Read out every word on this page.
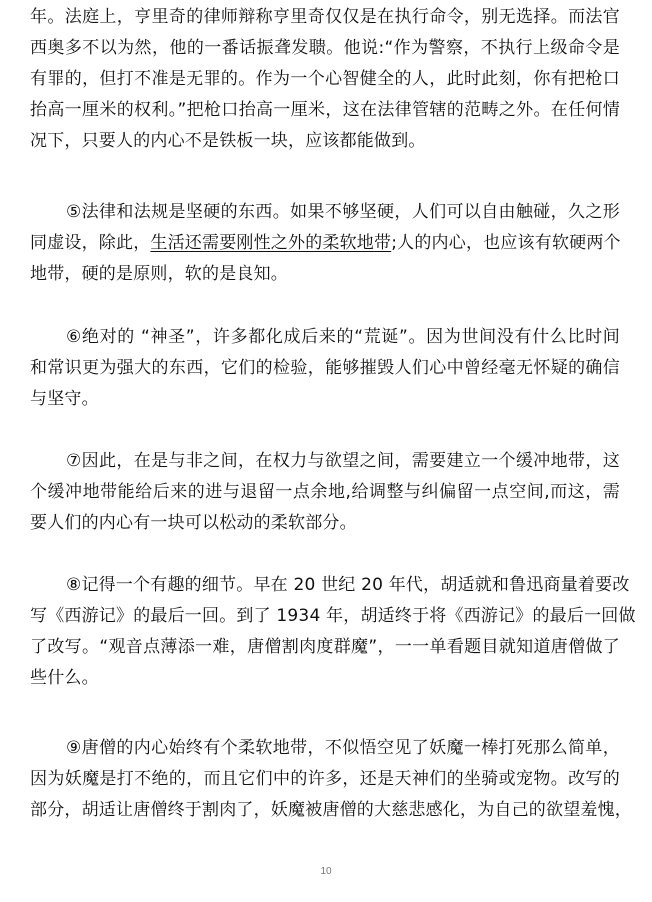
年。法庭上，亨里奇的律师辩称亨里奇仅仅是在执行命令，别无选择。而法官
西奥多不以为然，他的一番话振聋发聩。他说:“作为警察，不执行上级命令是
有罪的，但打不准是无罪的。作为一个心智健全的人，此时此刻，你有把枪口
抬高一厘米的权利。”把枪口抬高一厘米，这在法律管辖的范畴之外。在任何情
况下，只要人的内心不是铁板一块，应该都能做到。
⑤法律和法规是坚硬的东西。如果不够坚硬，人们可以自由触碰，久之形
同虚设，除此，生活还需要刚性之外的柔软地带;人的内心，也应该有软硬两个
地带，硬的是原则，软的是良知。
⑥绝对的 “神圣”，许多都化成后来的“荒诞”。因为世间没有什么比时间
和常识更为强大的东西，它们的检验，能够摧毁人们心中曾经毫无怀疑的确信
与坚守。
⑦因此，在是与非之间，在权力与欲望之间，需要建立一个缓冲地带，这
个缓冲地带能给后来的进与退留一点余地,给调整与纠偏留一点空间,而这，需
要人们的内心有一块可以松动的柔软部分。
⑧记得一个有趣的细节。早在 20 世纪 20 年代，胡适就和鲁迅商量着要改
写《西游记》的最后一回。到了 1934 年，胡适终于将《西游记》的最后一回做
了改写。“观音点薄添一难，唐僧割肉度群魔”，一一单看题目就知道唐僧做了
些什么。
⑨唐僧的内心始终有个柔软地带，不似悟空见了妖魔一棒打死那么简单，
因为妖魔是打不绝的，而且它们中的许多，还是天神们的坐骑或宠物。改写的
部分，胡适让唐僧终于割肉了，妖魔被唐僧的大慈悲感化，为自己的欲望羞愧，
10
